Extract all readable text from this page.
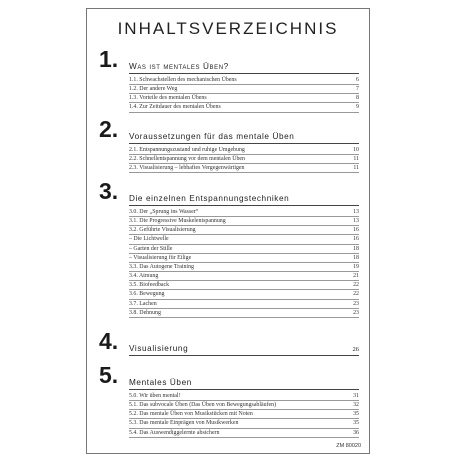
INHALTSVERZEICHNIS
1. Was ist mentales Üben?
1.1. Schwachstellen des mechanischen Übens	6
1.2. Der andere Weg	7
1.3. Vorteile des mentalen Übens	8
1.4. Zur Zeitdauer des mentalen Übens	9
2. Voraussetzungen für das mentale Üben
2.1. Entspannungszustand und ruhige Umgebung	10
2.2. Schnellentspannung vor dem mentalen Üben	11
2.3. Visualisierung – lebhaftes Vergegenwärtigen	11
3. Die einzelnen Entspannungstechniken
3.0. Der „Sprung ins Wasser“	13
3.1. Die Progressive Muskelentspannung	13
3.2. Geführte Visualisierung	16
– Die Lichtwelle	16
– Garten der Stille	18
– Visualisierung für Eilige	18
3.3. Das Autogene Training	19
3.4. Atmung	21
3.5. Biofeedback	22
3.6. Bewegung	22
3.7. Lachen	23
3.8. Dehnung	23
4. Visualisierung	26
5. Mentales Üben
5.0. Wir üben mental!	31
5.1. Das subvocale Üben (Das Üben von Bewegungsabläufen)	32
5.2. Das mentale Üben von Musikstücken mit Noten	35
5.3. Das mentale Einprägen von Musikwerken	35
5.4. Das Auswendiggelernte absichern	36
ZM 80020
